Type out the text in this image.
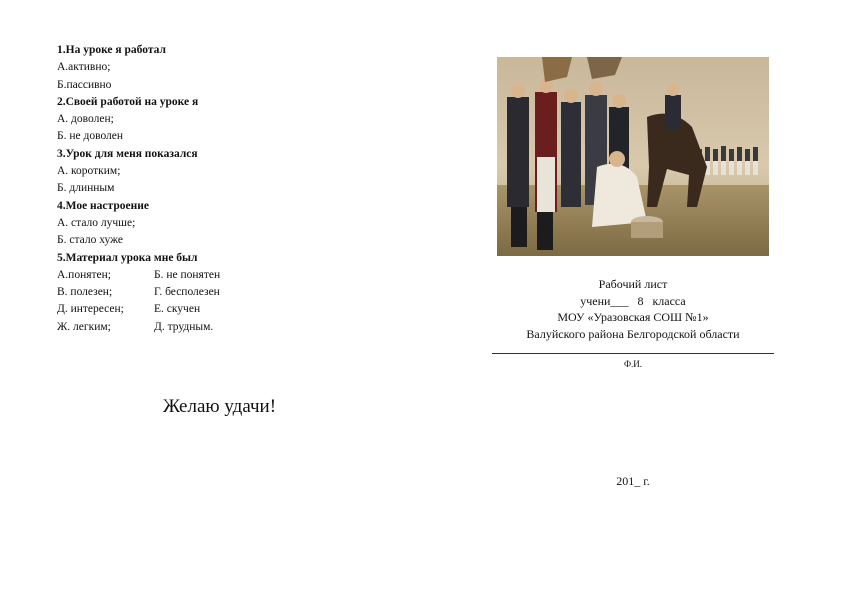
1.На уроке я работал
А.активно;
Б.пассивно
2.Своей работой на уроке я
А. доволен;
Б. не доволен
3.Урок для меня показался
А. коротким;
Б. длинным
4.Мое настроение
А. стало лучше;
Б. стало хуже
5.Материал урока мне был
А.понятен;	Б. не понятен
В. полезен;	Г. бесполезен
Д. интересен;	Е. скучен
Ж. легким;	Д. трудным.
Желаю удачи!
Рабочий лист
учени___   8   класса
МОУ «Уразовская СОШ №1»
Валуйского района Белгородской области
Ф.И.
201_ г.
